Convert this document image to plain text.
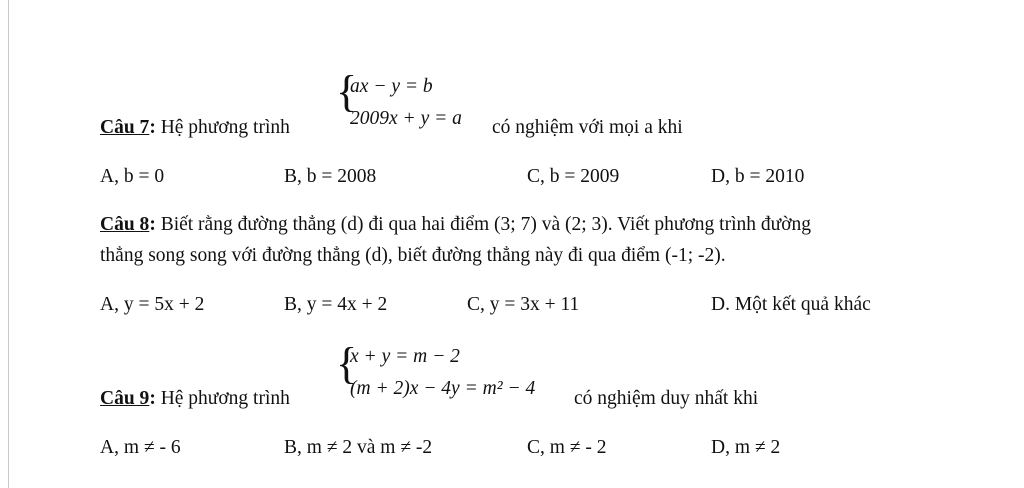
{
ax − y = b
2009x + y = a
Câu 7: Hệ phương trình	có nghiệm với mọi a khi
A, b = 0	B, b = 2008	C, b = 2009	D, b = 2010
Câu 8: Biết rằng đường thẳng (d) đi qua hai điểm (3; 7) và (2; 3). Viết phương trình đường
thẳng song song với đường thẳng (d), biết đường thẳng này đi qua điểm (-1; -2).
A, y = 5x + 2	B, y = 4x + 2	C, y = 3x + 11	D. Một kết quả khác
{
x + y = m − 2
(m + 2)x − 4y = m² − 4
Câu 9: Hệ phương trình	có nghiệm duy nhất khi
A, m ≠ - 6	B, m ≠ 2 và m ≠ -2	C, m ≠ - 2	D, m ≠ 2
